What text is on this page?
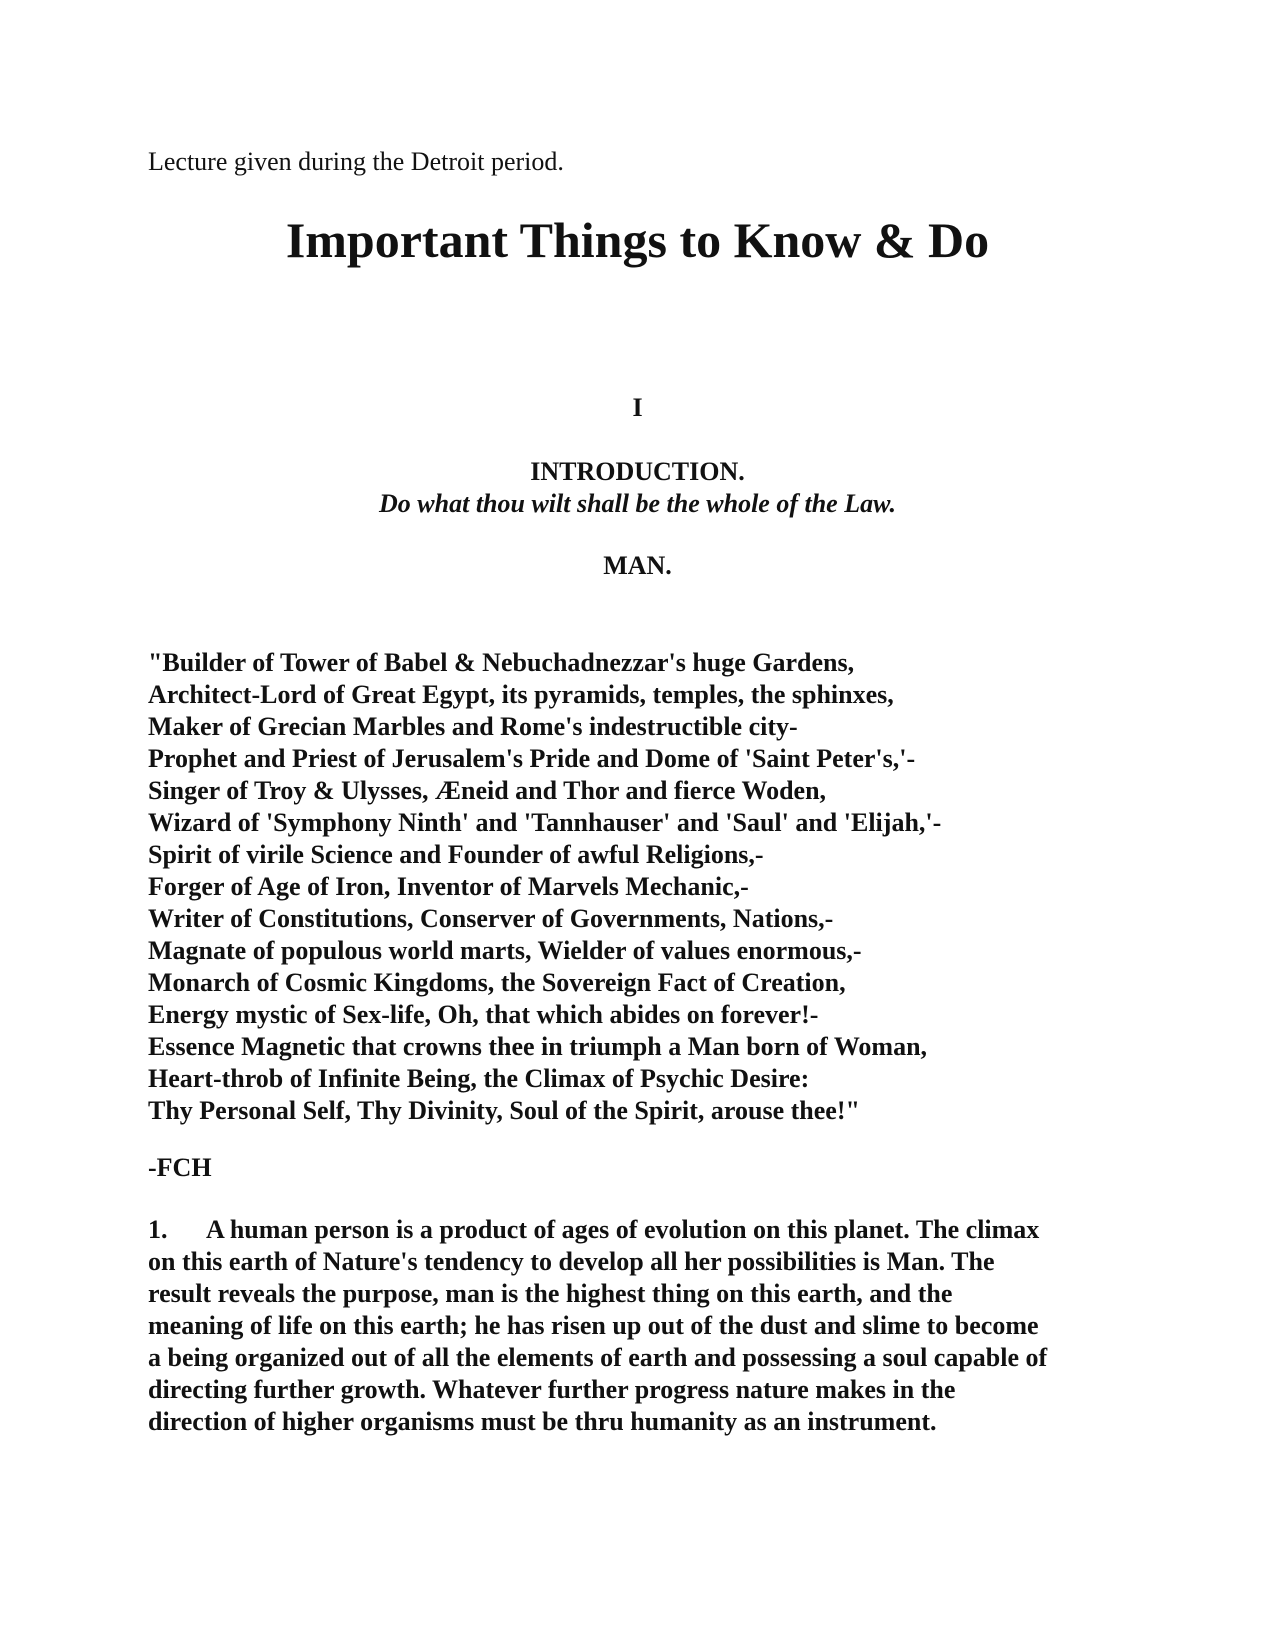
Lecture given during the Detroit period.

Important Things to Know & Do

I

INTRODUCTION.

Do what thou wilt shall be the whole of the Law.

MAN.

"Builder of Tower of Babel & Nebuchadnezzar's huge Gardens,
Architect-Lord of Great Egypt, its pyramids, temples, the sphinxes,
Maker of Grecian Marbles and Rome's indestructible city-
Prophet and Priest of Jerusalem's Pride and Dome of 'Saint Peter's,'-
Singer of Troy & Ulysses, Æneid and Thor and fierce Woden,
Wizard of 'Symphony Ninth' and 'Tannhauser' and 'Saul' and 'Elijah,'-
Spirit of virile Science and Founder of awful Religions,-
Forger of Age of Iron, Inventor of Marvels Mechanic,-
Writer of Constitutions, Conserver of Governments, Nations,-
Magnate of populous world marts, Wielder of values enormous,-
Monarch of Cosmic Kingdoms, the Sovereign Fact of Creation,
Energy mystic of Sex-life, Oh, that which abides on forever!-
Essence Magnetic that crowns thee in triumph a Man born of Woman,
Heart-throb of Infinite Being, the Climax of Psychic Desire:
Thy Personal Self, Thy Divinity, Soul of the Spirit, arouse thee!"

-FCH

1. A human person is a product of ages of evolution on this planet. The climax
on this earth of Nature's tendency to develop all her possibilities is Man. The
result reveals the purpose, man is the highest thing on this earth, and the
meaning of life on this earth; he has risen up out of the dust and slime to become
a being organized out of all the elements of earth and possessing a soul capable of
directing further growth. Whatever further progress nature makes in the
direction of higher organisms must be thru humanity as an instrument.
